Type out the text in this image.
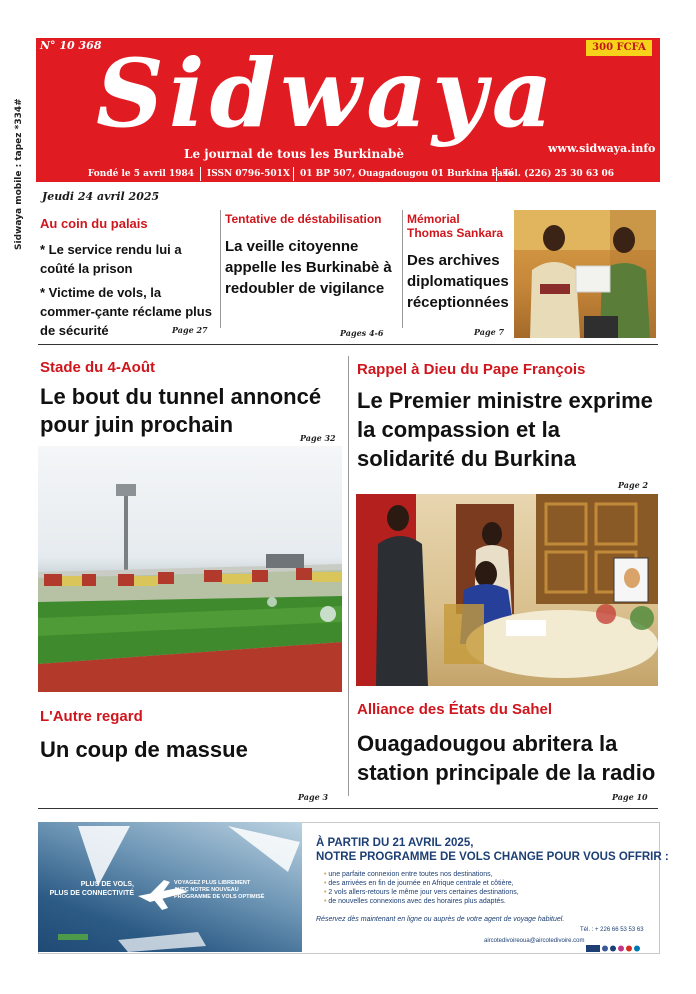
Sidwaya mobile : tapez *334#
N° 10 368	300 FCFA
Sidwaya
Le journal de tous les Burkinabè	www.sidwaya.info
Fondé le 5 avril 1984	ISSN 0796-501X	01 BP 507, Ouagadougou 01 Burkina Faso
Tél. (226) 25 30 63 06
Jeudi 24 avril 2025
Au coin du palais
* Le service rendu lui a coûté la prison
* Victime de vols, la commer-çante réclame plus de sécurité	Page 27
Tentative de déstabilisation
La veille citoyenne appelle les Burkinabè à redoubler de vigilance
Pages 4-6
Mémorial Thomas Sankara
Des archives diplomatiques réceptionnées
Page 7
Stade du 4-Août
Le bout du tunnel annoncé pour juin prochain
Page 32
Rappel à Dieu du Pape François
Le Premier ministre exprime la compassion et la solidarité du Burkina
Page 2
L'Autre regard
Un coup de massue
Page 3
Alliance des États du Sahel
Ouagadougou abritera la station principale de la radio
Page 10
PLUS DE VOLS,
PLUS DE CONNECTIVITÉ
VOYAGEZ PLUS LIBREMENT
AVEC NOTRE NOUVEAU
PROGRAMME DE VOLS OPTIMISÉ
À PARTIR DU 21 AVRIL 2025,
NOTRE PROGRAMME DE VOLS CHANGE POUR VOUS OFFRIR :
• une parfaite connexion entre toutes nos destinations,
• des arrivées en fin de journée en Afrique centrale et côtière,
• 2 vols allers-retours le même jour vers certaines destinations,
• de nouvelles connexions avec des horaires plus adaptés.
Réservez dès maintenant en ligne ou auprès de votre agent de voyage habituel.
Tél. : + 226 66 53 53 63
aircotedivoireoua@aircotedivoire.com
